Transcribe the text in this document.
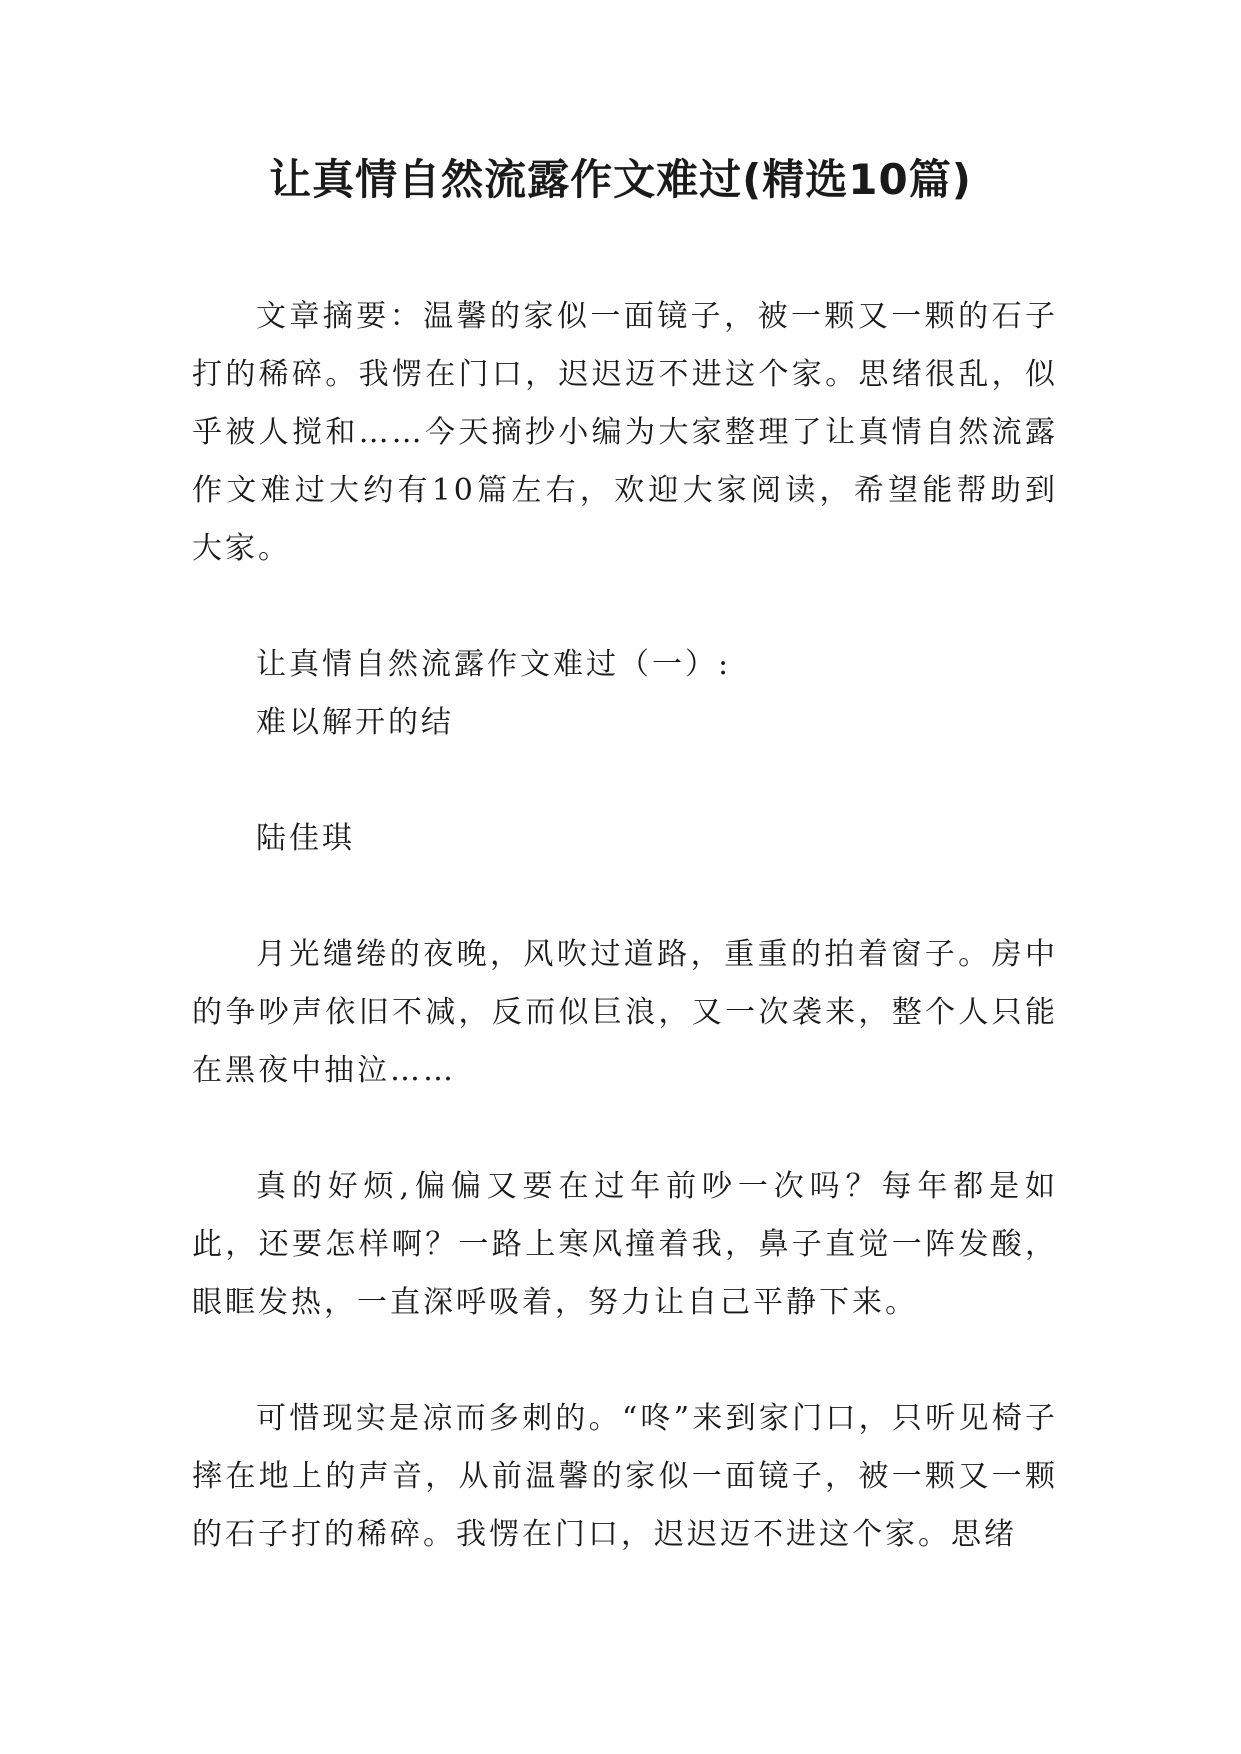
让真情自然流露作文难过(精选10篇)

文章摘要：温馨的家似一面镜子，被一颗又一颗的石子打的稀碎。我愣在门口，迟迟迈不进这个家。思绪很乱，似乎被人搅和……今天摘抄小编为大家整理了让真情自然流露作文难过大约有10篇左右，欢迎大家阅读，希望能帮助到大家。

让真情自然流露作文难过（一）:

难以解开的结

陆佳琪

月光缱绻的夜晚，风吹过道路，重重的拍着窗子。房中的争吵声依旧不减，反而似巨浪，又一次袭来，整个人只能在黑夜中抽泣……

真的好烦,偏偏又要在过年前吵一次吗？每年都是如此，还要怎样啊？一路上寒风撞着我，鼻子直觉一阵发酸，眼眶发热，一直深呼吸着，努力让自己平静下来。

可惜现实是凉而多刺的。“咚”来到家门口，只听见椅子摔在地上的声音，从前温馨的家似一面镜子，被一颗又一颗的石子打的稀碎。我愣在门口，迟迟迈不进这个家。思绪
